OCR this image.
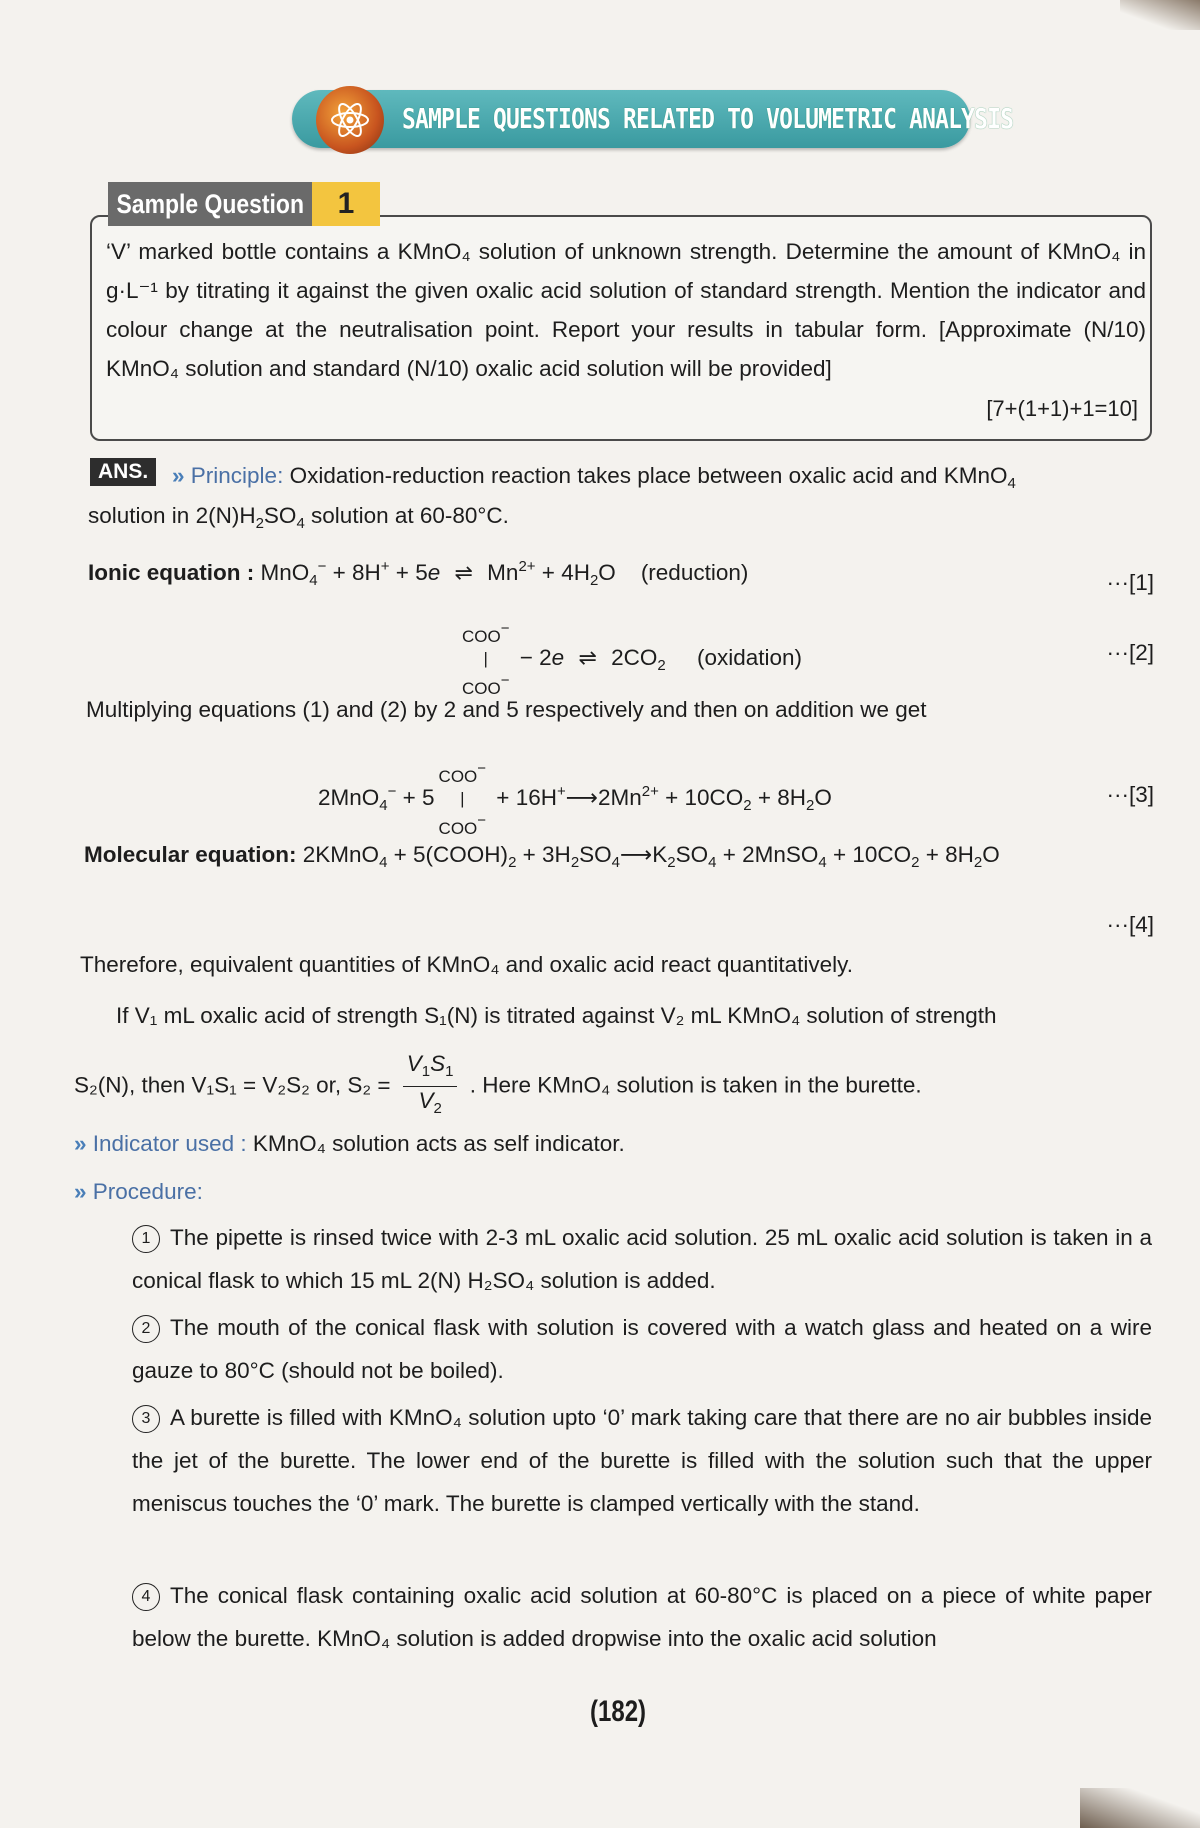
SAMPLE QUESTIONS RELATED TO VOLUMETRIC ANALYSIS
Sample Question	1
‘V’ marked bottle contains a KMnO₄ solution of unknown strength. Determine the amount of KMnO₄ in g·L⁻¹ by titrating it against the given oxalic acid solution of standard strength. Mention the indicator and colour change at the neutralisation point. Report your results in tabular form. [Approximate (N/10) KMnO₄ solution and standard (N/10) oxalic acid solution will be provided]
[7+(1+1)+1=10]
ANS.	» Principle: Oxidation-reduction reaction takes place between oxalic acid and KMnO$_4$
solution in $2(N)H_2SO_4$ solution at 60-80°C.
Ionic equation : MnO$_4$− + 8H+ + 5e ⇌ $Mn^{2+} + 4H_2O$    (reduction)	···[1]
COO−
|
COO− − 2e ⇌ $2CO_2$ (oxidation)	···[2]
Multiplying equations (1) and (2) by 2 and 5 respectively and then on addition we get
2MnO$_4$− + 5COO−
|
$COO^- + 16H^+⟶2Mn^{2+} + 10CO_2 + 8H_2O$	···[3]
Molecular equation: 2KMnO$_4$ + $5(COOH)_2$ + $3H_2SO_4⟶K_2SO_4$ + 2MnSO$_4$ + $10CO_2 + 8H_2O$
···[4]
Therefore, equivalent quantities of KMnO₄ and oxalic acid react quantitatively.
If V₁ mL oxalic acid of strength S₁(N) is titrated against V₂ mL KMnO₄ solution of strength
S₂(N), then V₁S₁ = V₂S₂ or, $S_2 = \frac{V_1S_1}{V_2}$ . Here KMnO₄ solution is taken in the burette.
» Indicator used : KMnO₄ solution acts as self indicator.
» Procedure:
1 The pipette is rinsed twice with 2-3 mL oxalic acid solution. 25 mL oxalic acid solution is taken in a conical flask to which 15 mL 2(N) H₂SO₄ solution is added.
2 The mouth of the conical flask with solution is covered with a watch glass and heated on a wire gauze to 80°C (should not be boiled).
3 A burette is filled with KMnO₄ solution upto ‘0’ mark taking care that there are no air bubbles inside the jet of the burette. The lower end of the burette is filled with the solution such that the upper meniscus touches the ‘0’ mark. The burette is clamped vertically with the stand.
4 The conical flask containing oxalic acid solution at 60-80°C is placed on a piece of white paper below the burette. KMnO₄ solution is added dropwise into the oxalic acid solution
(182)
